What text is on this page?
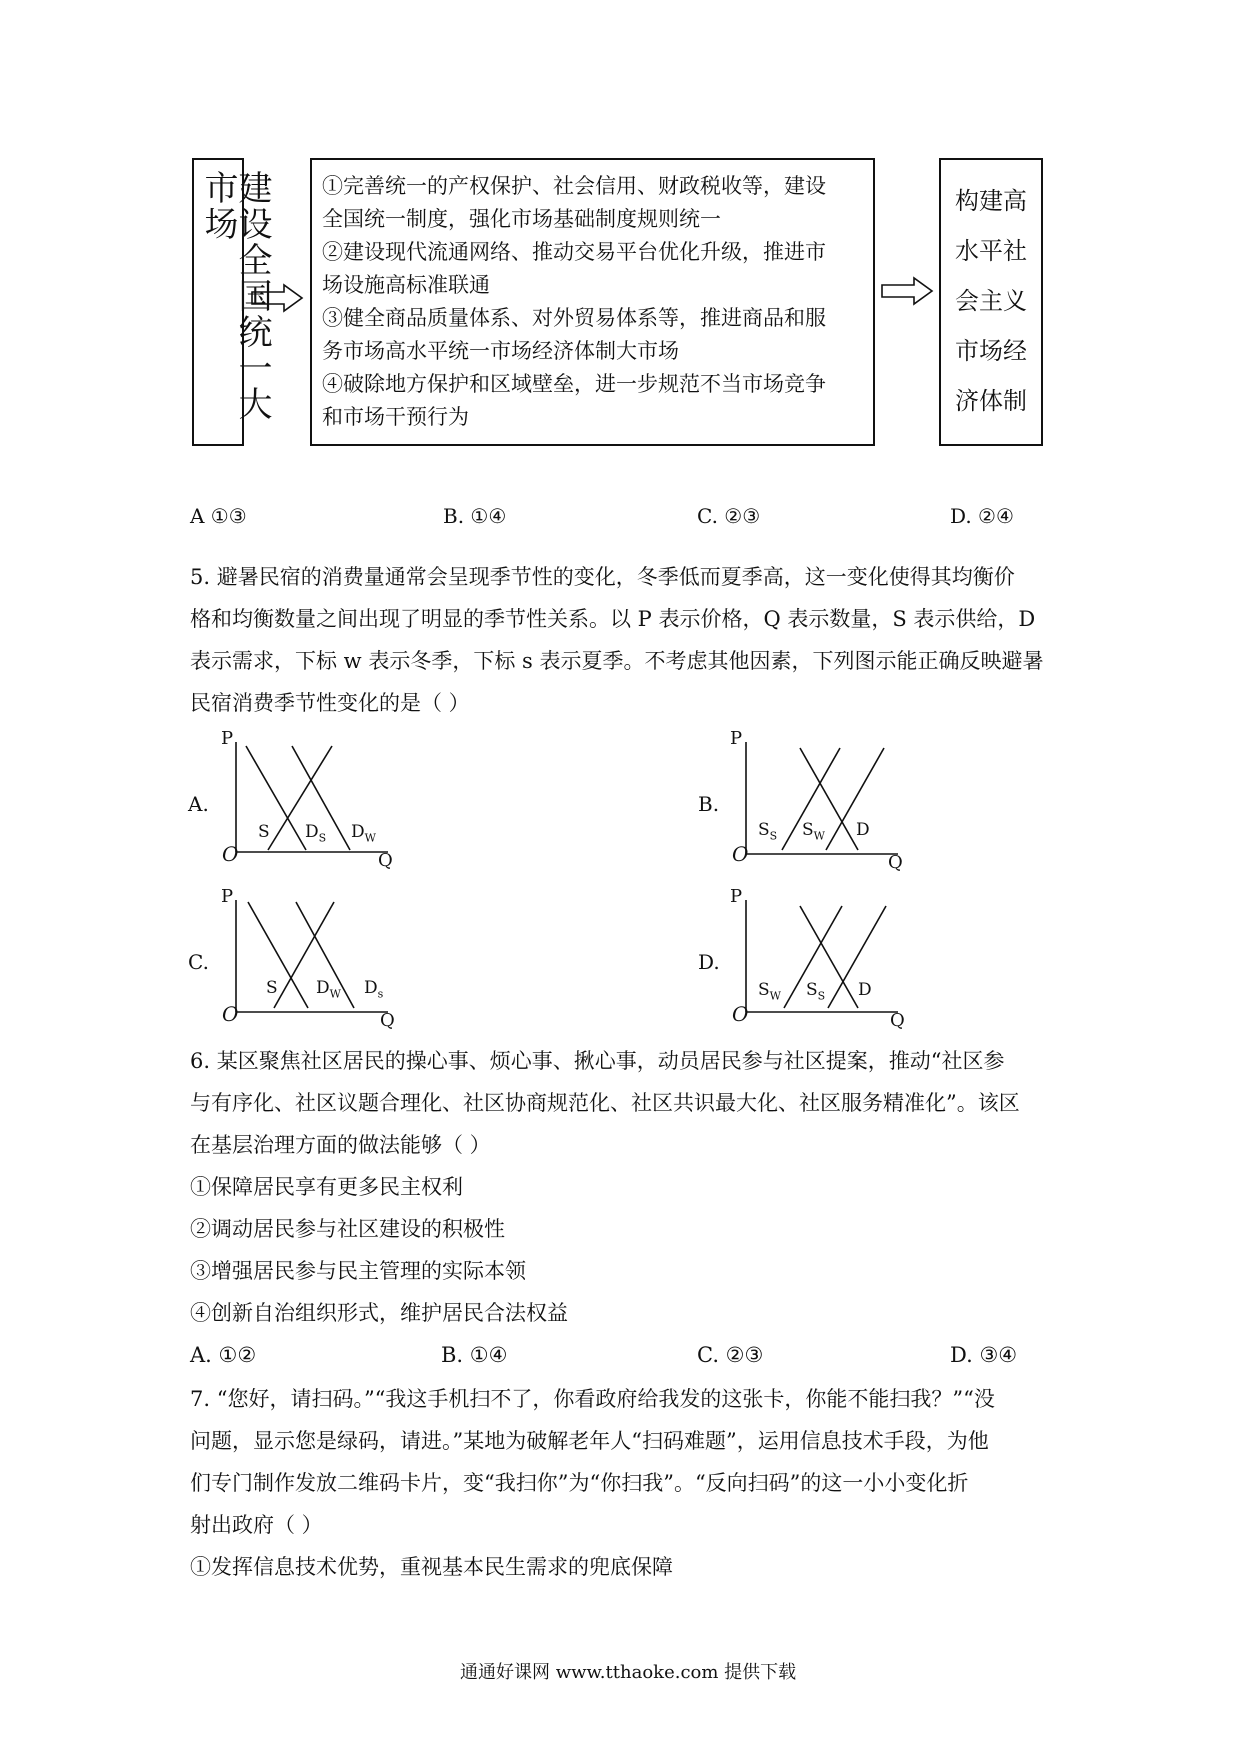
建设全国统一大市场	①完善统一的产权保护、社会信用、财政税收等，建设
全国统一制度，强化市场基础制度规则统一
②建设现代流通网络、推动交易平台优化升级，推进市
场设施高标准联通
③健全商品质量体系、对外贸易体系等，推进商品和服
务市场高水平统一市场经济体制大市场
④破除地方保护和区域壁垒，进一步规范不当市场竞争
和市场干预行为
构建高
水平社
会主义
市场经
济体制
A ①③	B. ①④	C. ②③	D. ②④
5. 避暑民宿的消费量通常会呈现季节性的变化，冬季低而夏季高，这一变化使得其均衡价
格和均衡数量之间出现了明显的季节性关系。以 P 表示价格，Q 表示数量，S 表示供给，D
表示需求，下标 w 表示冬季，下标 s 表示夏季。不考虑其他因素，下列图示能正确反映避暑
民宿消费季节性变化的是（ ）
A.
P
O	Q
S $D_S$ $D_W$
B.
P
O	Q
$S_S$ $S_W$ D
C.
P
O	Q
S $D_W$ $D_s$
D.
P
O	Q
$S_W$ $S_S$ D
6. 某区聚焦社区居民的操心事、烦心事、揪心事，动员居民参与社区提案，推动“社区参
与有序化、社区议题合理化、社区协商规范化、社区共识最大化、社区服务精准化”。该区
在基层治理方面的做法能够（ ）
①保障居民享有更多民主权利
②调动居民参与社区建设的积极性
③增强居民参与民主管理的实际本领
④创新自治组织形式，维护居民合法权益
A. ①②	B. ①④	C. ②③	D. ③④
7. “您好，请扫码。”“我这手机扫不了，你看政府给我发的这张卡，你能不能扫我？”“没
问题，显示您是绿码，请进。”某地为破解老年人“扫码难题”，运用信息技术手段，为他
们专门制作发放二维码卡片，变“我扫你”为“你扫我”。“反向扫码”的这一小小变化折
射出政府（ ）
①发挥信息技术优势，重视基本民生需求的兜底保障
通通好课网 www.tthaoke.com 提供下载
